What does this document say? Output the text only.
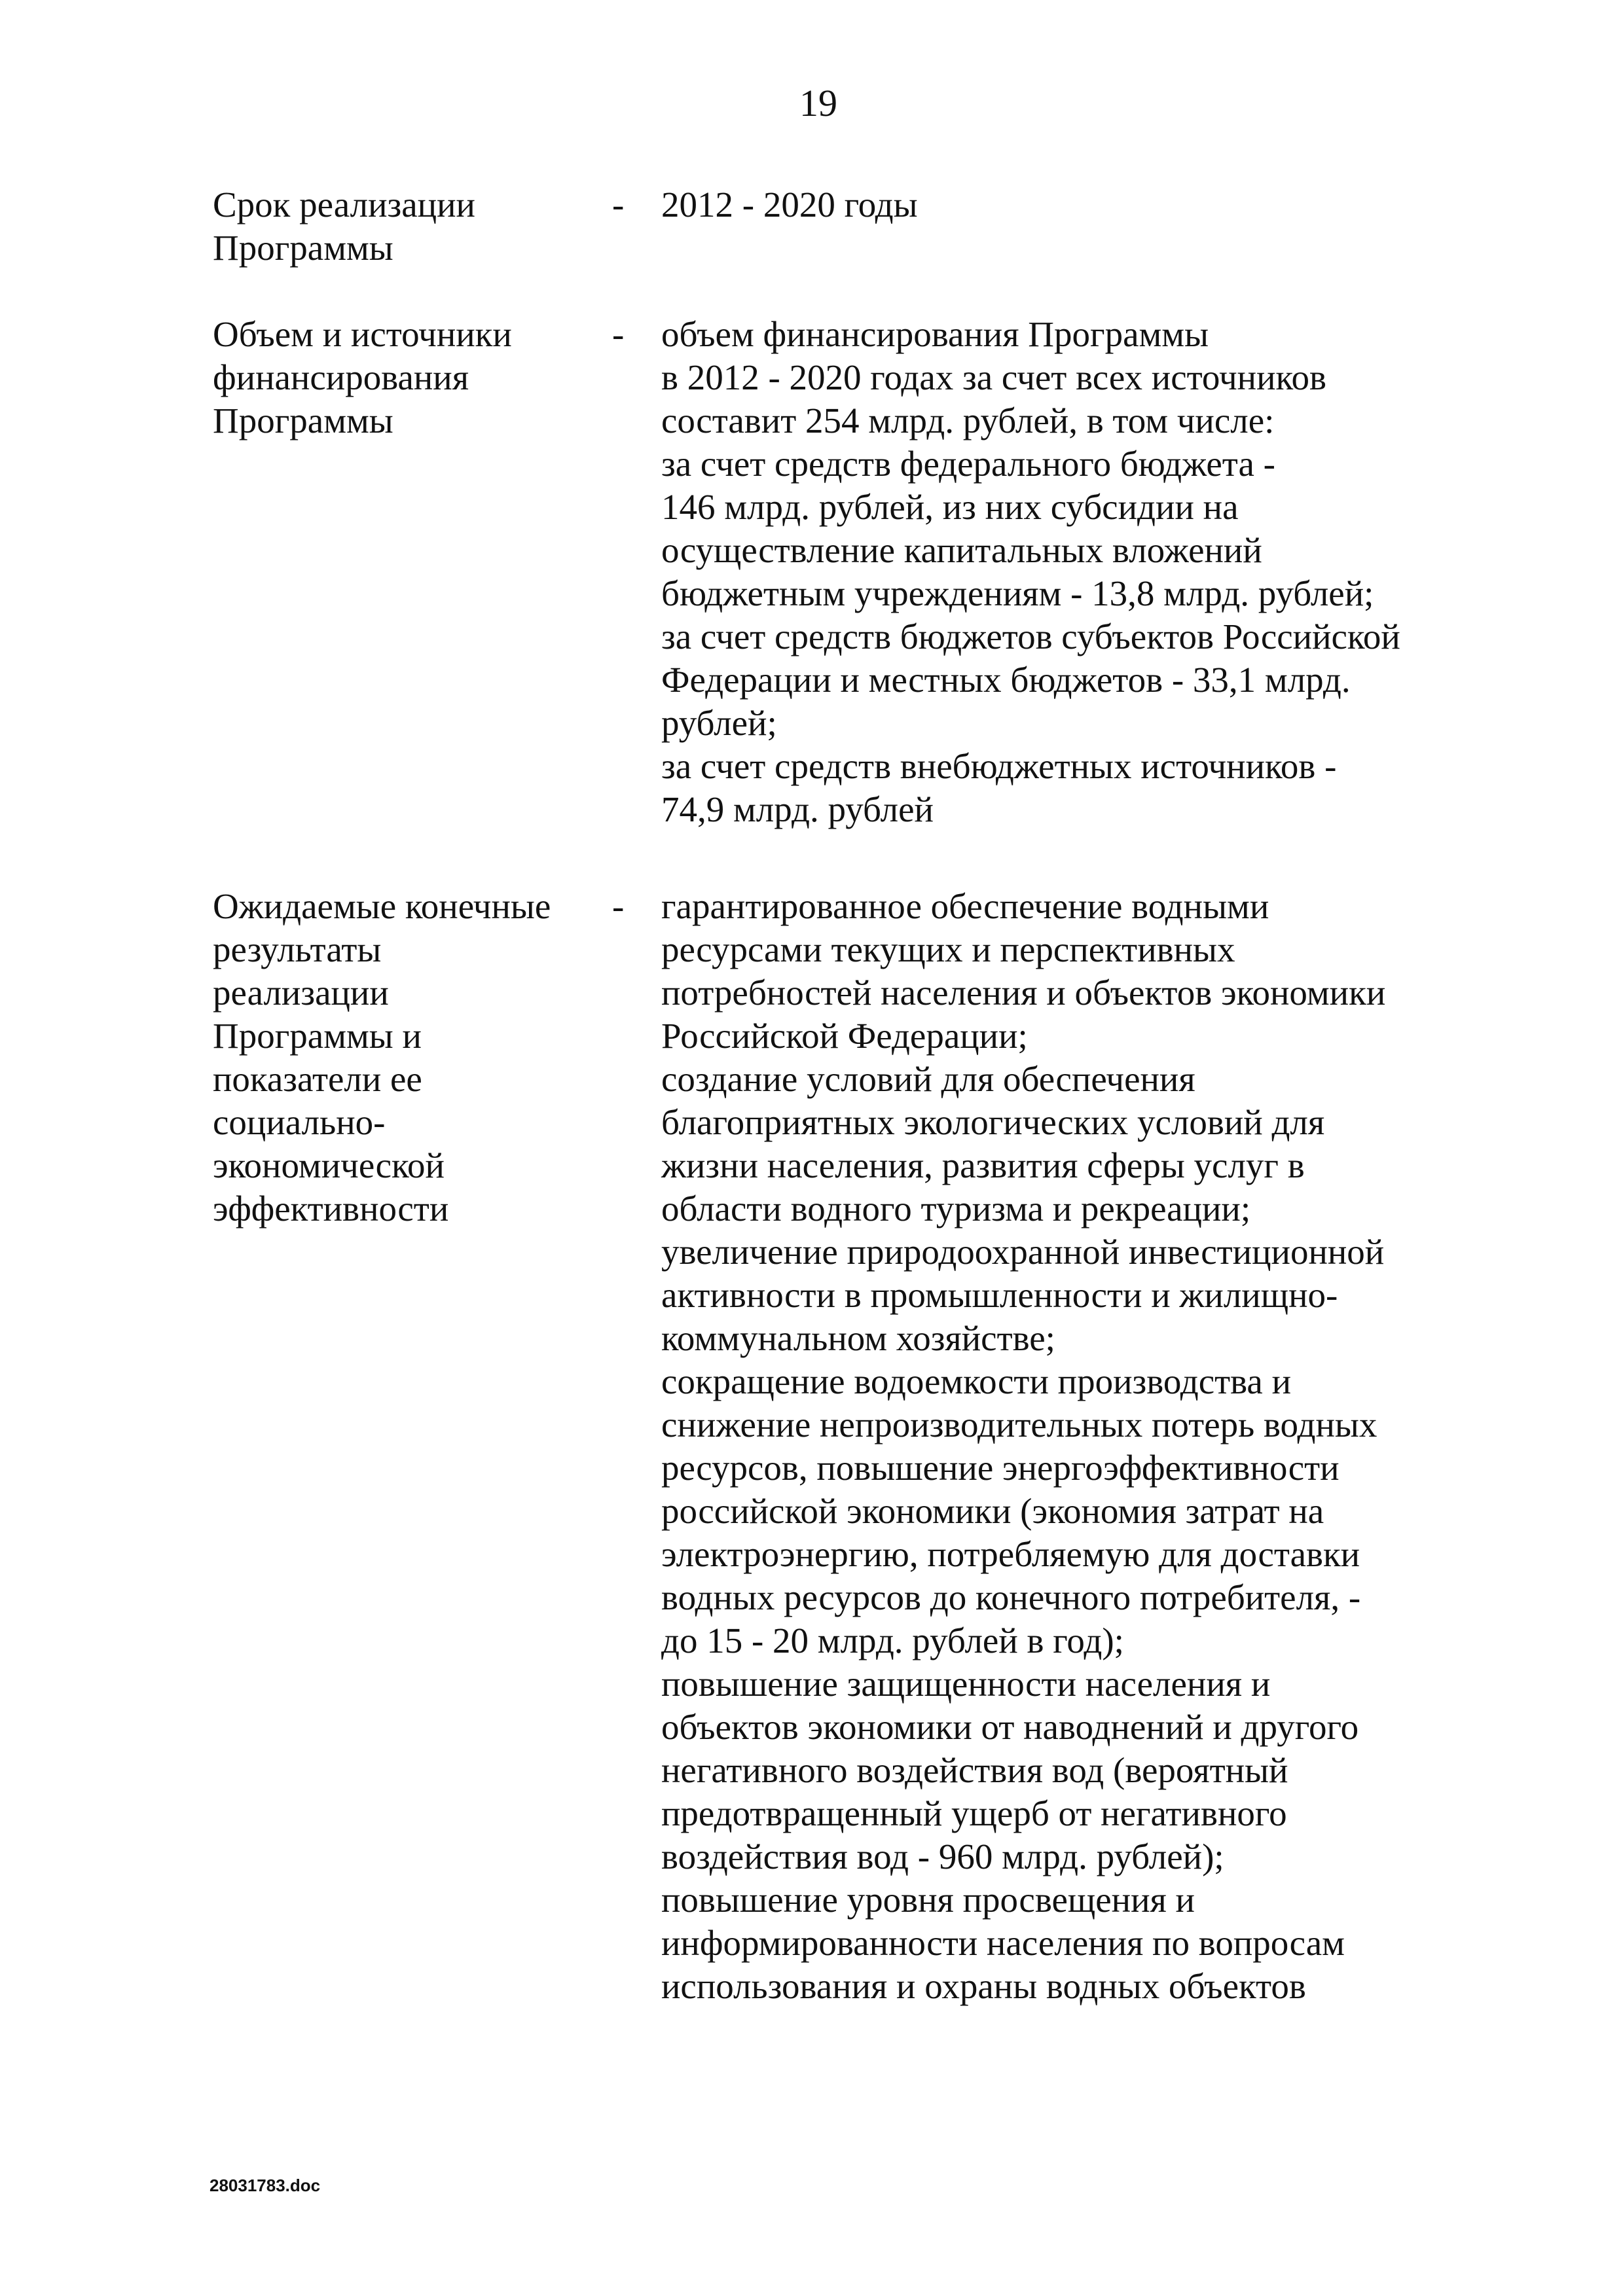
19
Срок реализации
Программы
- 2012 - 2020 годы
Объем и источники
финансирования
Программы
- объем финансирования Программы
в 2012 - 2020 годах за счет всех источников
составит 254 млрд. рублей, в том числе:
за счет средств федерального бюджета -
146 млрд. рублей, из них субсидии на
осуществление капитальных вложений
бюджетным учреждениям - 13,8 млрд. рублей;
за счет средств бюджетов субъектов Российской
Федерации и местных бюджетов - 33,1 млрд.
рублей;
за счет средств внебюджетных источников -
74,9 млрд. рублей
Ожидаемые конечные
результаты
реализации
Программы и
показатели ее
социально-
экономической
эффективности
- гарантированное обеспечение водными
ресурсами текущих и перспективных
потребностей населения и объектов экономики
Российской Федерации;
создание условий для обеспечения
благоприятных экологических условий для
жизни населения, развития сферы услуг в
области водного туризма и рекреации;
увеличение природоохранной инвестиционной
активности в промышленности и жилищно-
коммунальном хозяйстве;
сокращение водоемкости производства и
снижение непроизводительных потерь водных
ресурсов, повышение энергоэффективности
российской экономики (экономия затрат на
электроэнергию, потребляемую для доставки
водных ресурсов до конечного потребителя, -
до 15 - 20 млрд. рублей в год);
повышение защищенности населения и
объектов экономики от наводнений и другого
негативного воздействия вод (вероятный
предотвращенный ущерб от негативного
воздействия вод - 960 млрд. рублей);
повышение уровня просвещения и
информированности населения по вопросам
использования и охраны водных объектов
28031783.doc
